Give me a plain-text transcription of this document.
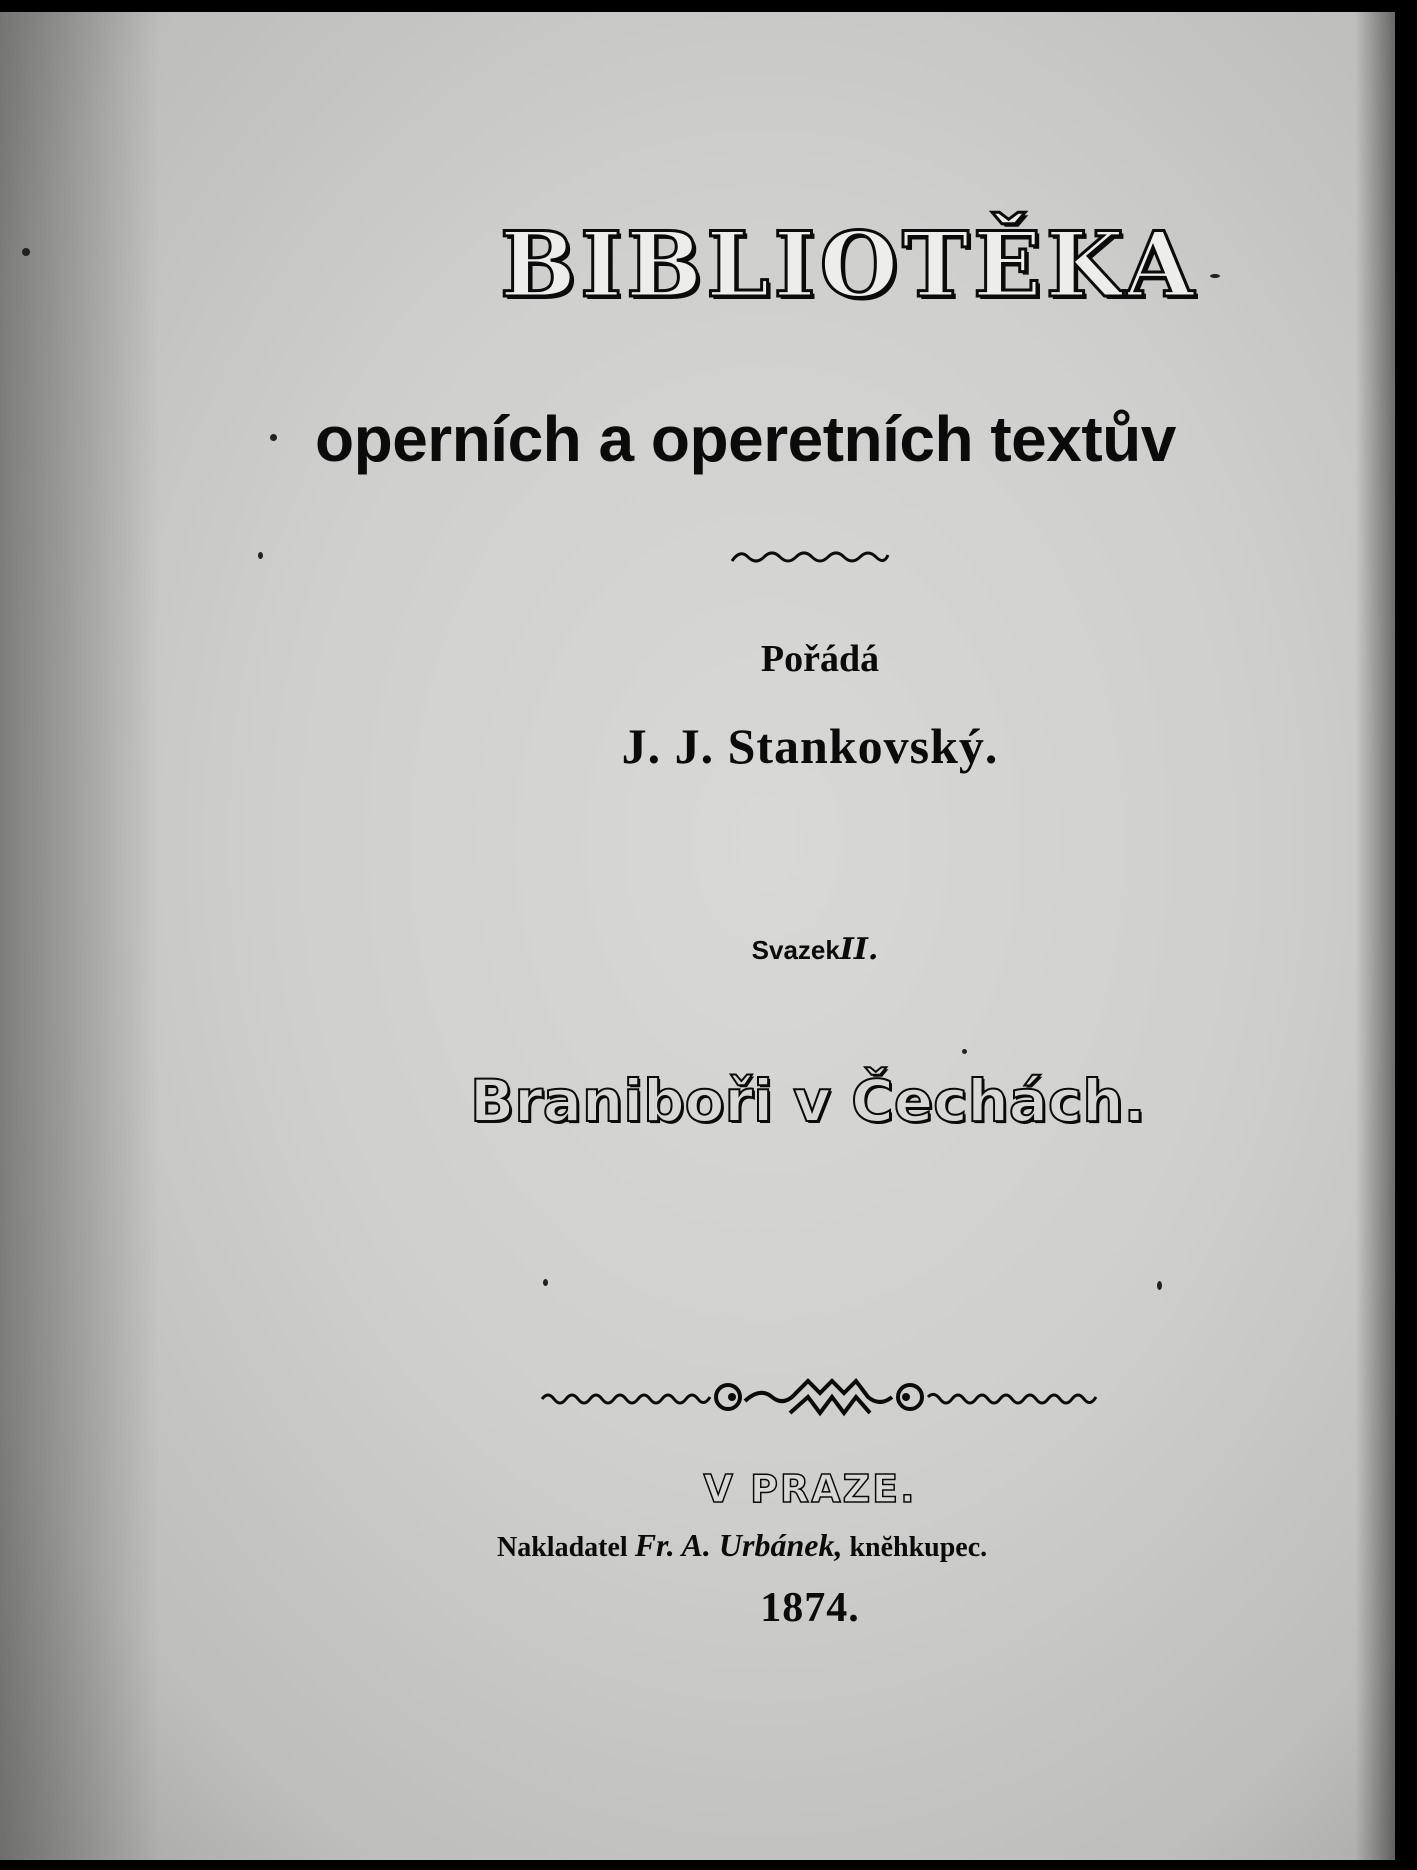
BIBLIOTĚKA
operních a operetních textův
Pořádá
J. J. Stankovský.
SvazekII.
Braniboři v Čechách.
V PRAZE.
Nakladatel Fr. A. Urbánek, knĕhkupec.
1874.
